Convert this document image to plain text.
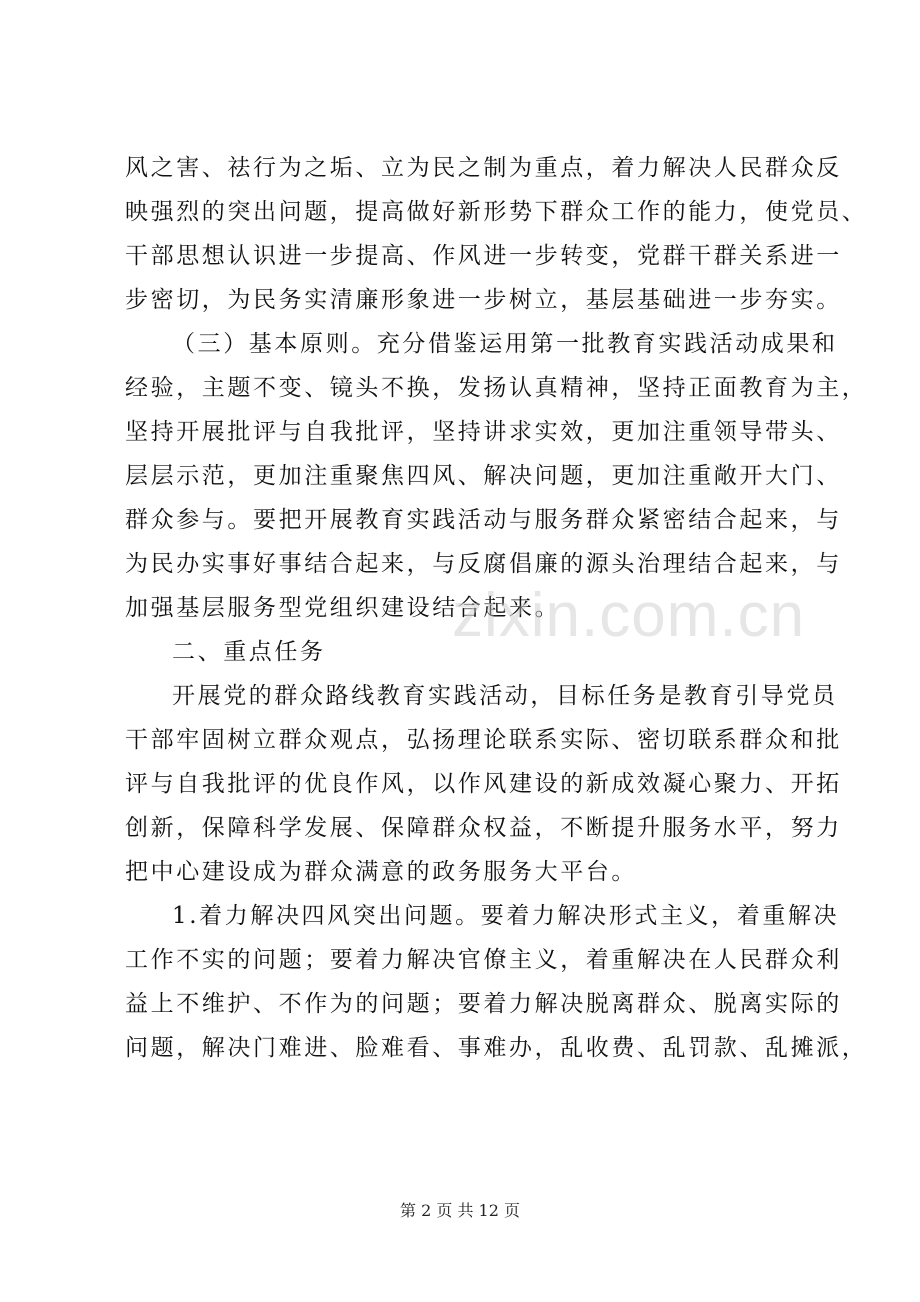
风之害、祛行为之垢、立为民之制为重点，着力解决人民群众反
映强烈的突出问题，提高做好新形势下群众工作的能力，使党员、
干部思想认识进一步提高、作风进一步转变，党群干群关系进一
步密切，为民务实清廉形象进一步树立，基层基础进一步夯实。
（三）基本原则。充分借鉴运用第一批教育实践活动成果和
经验，主题不变、镜头不换，发扬认真精神，坚持正面教育为主，
坚持开展批评与自我批评，坚持讲求实效，更加注重领导带头、
层层示范，更加注重聚焦四风、解决问题，更加注重敞开大门、
群众参与。要把开展教育实践活动与服务群众紧密结合起来，与
为民办实事好事结合起来，与反腐倡廉的源头治理结合起来，与
加强基层服务型党组织建设结合起来。
二、重点任务
开展党的群众路线教育实践活动，目标任务是教育引导党员
干部牢固树立群众观点，弘扬理论联系实际、密切联系群众和批
评与自我批评的优良作风，以作风建设的新成效凝心聚力、开拓
创新，保障科学发展、保障群众权益，不断提升服务水平，努力
把中心建设成为群众满意的政务服务大平台。
1.着力解决四风突出问题。要着力解决形式主义，着重解决
工作不实的问题；要着力解决官僚主义，着重解决在人民群众利
益上不维护、不作为的问题；要着力解决脱离群众、脱离实际的
问题，解决门难进、脸难看、事难办，乱收费、乱罚款、乱摊派，
zixin.com.cn
第 2 页 共 12 页
